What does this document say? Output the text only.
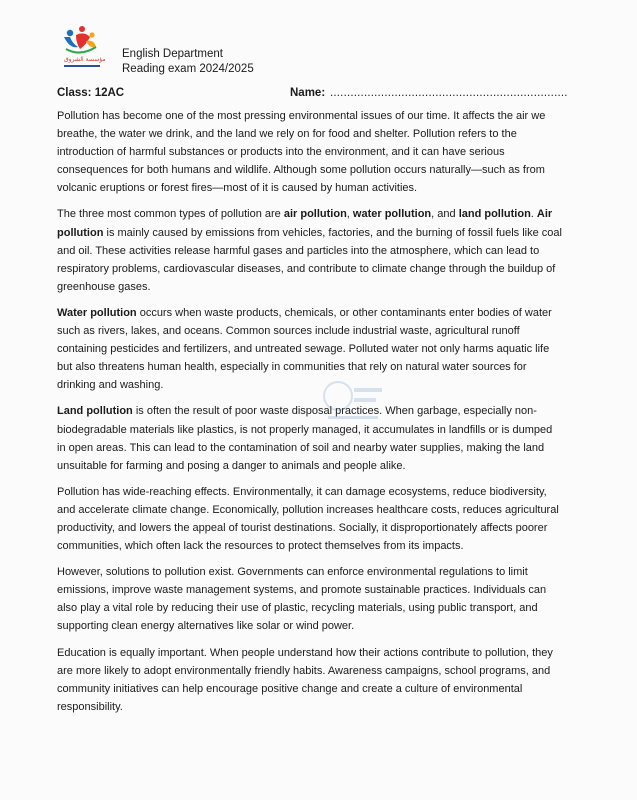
مؤسسة الشروق English Department
Reading exam 2024/2025
Class: 12AC	Name: ......................................................................

Pollution has become one of the most pressing environmental issues of our time. It affects the air we breathe, the water we drink, and the land we rely on for food and shelter. Pollution refers to the introduction of harmful substances or products into the environment, and it can have serious consequences for both humans and wildlife. Although some pollution occurs naturally—such as from volcanic eruptions or forest fires—most of it is caused by human activities.

The three most common types of pollution are air pollution, water pollution, and land pollution. Air pollution is mainly caused by emissions from vehicles, factories, and the burning of fossil fuels like coal and oil. These activities release harmful gases and particles into the atmosphere, which can lead to respiratory problems, cardiovascular diseases, and contribute to climate change through the buildup of greenhouse gases.

Water pollution occurs when waste products, chemicals, or other contaminants enter bodies of water such as rivers, lakes, and oceans. Common sources include industrial waste, agricultural runoff containing pesticides and fertilizers, and untreated sewage. Polluted water not only harms aquatic life but also threatens human health, especially in communities that rely on natural water sources for drinking and washing.

Land pollution is often the result of poor waste disposal practices. When garbage, especially non-biodegradable materials like plastics, is not properly managed, it accumulates in landfills or is dumped in open areas. This can lead to the contamination of soil and nearby water supplies, making the land unsuitable for farming and posing a danger to animals and people alike.

Pollution has wide-reaching effects. Environmentally, it can damage ecosystems, reduce biodiversity, and accelerate climate change. Economically, pollution increases healthcare costs, reduces agricultural productivity, and lowers the appeal of tourist destinations. Socially, it disproportionately affects poorer communities, which often lack the resources to protect themselves from its impacts.

However, solutions to pollution exist. Governments can enforce environmental regulations to limit emissions, improve waste management systems, and promote sustainable practices. Individuals can also play a vital role by reducing their use of plastic, recycling materials, using public transport, and supporting clean energy alternatives like solar or wind power.

Education is equally important. When people understand how their actions contribute to pollution, they are more likely to adopt environmentally friendly habits. Awareness campaigns, school programs, and community initiatives can help encourage positive change and create a culture of environmental responsibility.
